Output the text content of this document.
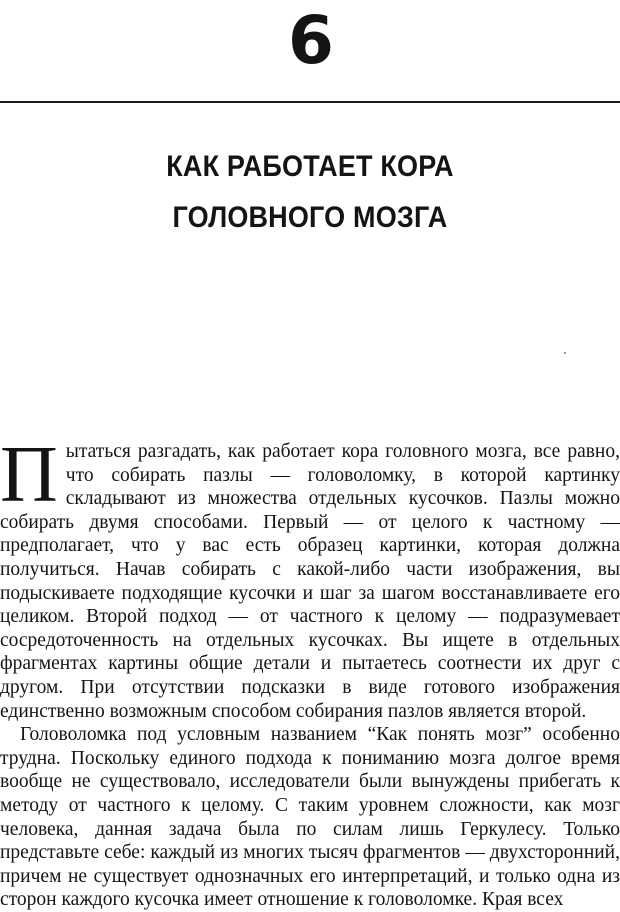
6
КАК РАБОТАЕТ КОРА
ГОЛОВНОГО МОЗГА

Пытаться разгадать, как работает кора головного мозга, все равно, что собирать пазлы — головоломку, в которой картинку складывают из множества отдельных кусочков. Пазлы можно собирать двумя способами. Первый — от целого к частному — предполагает, что у вас есть образец картинки, которая должна получиться. Начав собирать с какой-либо части изображения, вы подыскиваете подходящие кусочки и шаг за шагом восстанавливаете его целиком. Второй подход — от частного к целому — подразумевает сосредоточенность на отдельных кусочках. Вы ищете в отдельных фрагментах картины общие детали и пытаетесь соотнести их друг с другом. При отсутствии подсказки в виде готового изображения единственно возможным способом собирания пазлов является второй.

Головоломка под условным названием “Как понять мозг” особенно трудна. Поскольку единого подхода к пониманию мозга долгое время вообще не существовало, исследователи были вынуждены прибегать к методу от частного к целому. С таким уровнем сложности, как мозг человека, данная задача была по силам лишь Геркулесу. Только представьте себе: каждый из многих тысяч фрагментов — двухсторонний, причем не существует однозначных его интерпретаций, и только одна из сторон каждого кусочка имеет отношение к головоломке. Края всех
